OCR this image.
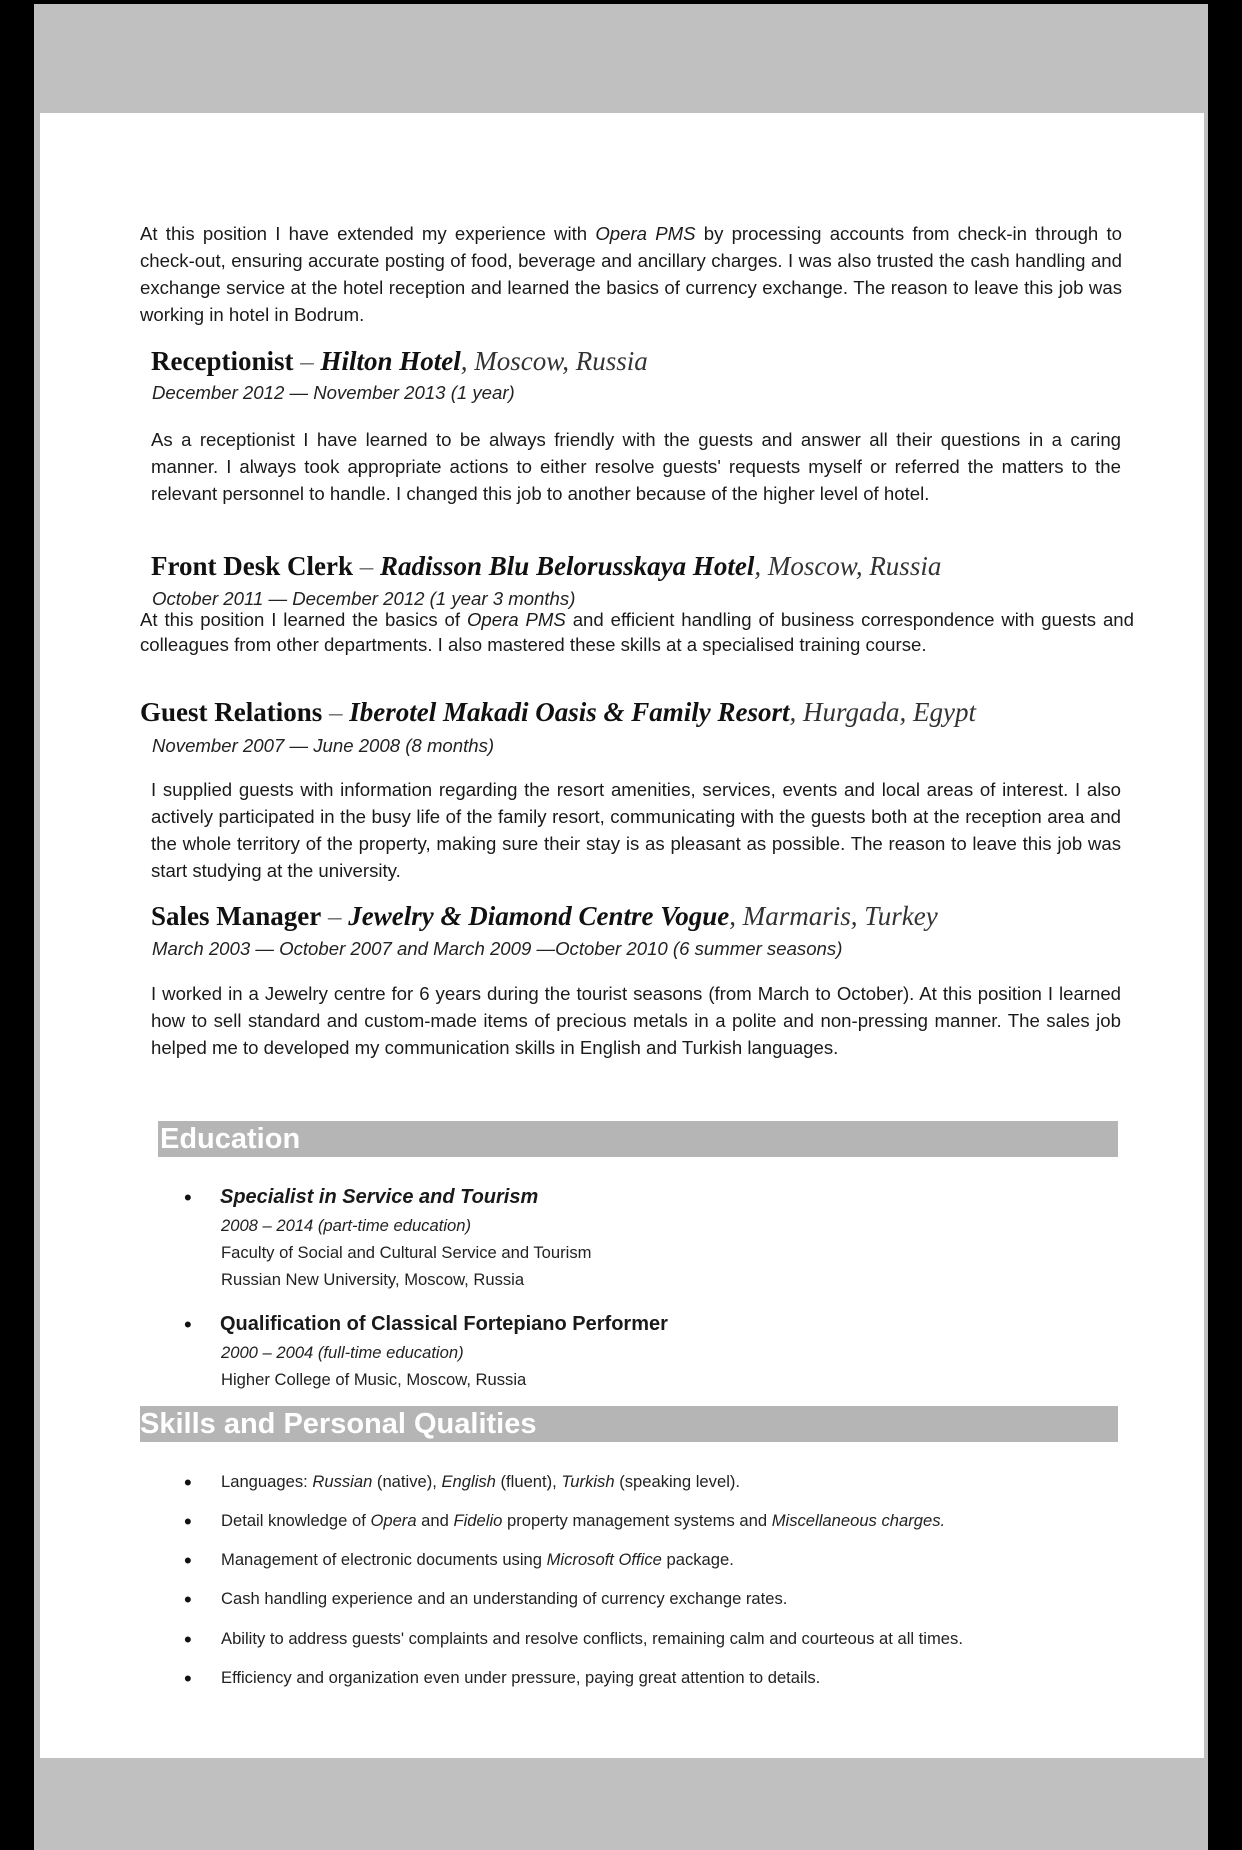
At this position I have extended my experience with Opera PMS by processing accounts from check-in through to check-out, ensuring accurate posting of food, beverage and ancillary charges. I was also trusted the cash handling and exchange service at the hotel reception and learned the basics of currency exchange. The reason to leave this job was working in hotel in Bodrum.

Receptionist – Hilton Hotel, Moscow, Russia
December 2012 — November 2013 (1 year)

As a receptionist I have learned to be always friendly with the guests and answer all their questions in a caring manner. I always took appropriate actions to either resolve guests' requests myself or referred the matters to the relevant personnel to handle. I changed this job to another because of the higher level of hotel.

Front Desk Clerk – Radisson Blu Belorusskaya Hotel, Moscow, Russia
October 2011 — December 2012 (1 year 3 months)

At this position I learned the basics of Opera PMS and efficient handling of business correspondence with guests and colleagues from other departments. I also mastered these skills at a specialised training course.

Guest Relations – Iberotel Makadi Oasis & Family Resort, Hurgada, Egypt
November 2007 — June 2008 (8 months)

I supplied guests with information regarding the resort amenities, services, events and local areas of interest. I also actively participated in the busy life of the family resort, communicating with the guests both at the reception area and the whole territory of the property, making sure their stay is as pleasant as possible. The reason to leave this job was start studying at the university.

Sales Manager – Jewelry & Diamond Centre Vogue, Marmaris, Turkey
March 2003 — October 2007 and March 2009 —October 2010 (6 summer seasons)

I worked in a Jewelry centre for 6 years during the tourist seasons (from March to October). At this position I learned how to sell standard and custom-made items of precious metals in a polite and non-pressing manner. The sales job helped me to developed my communication skills in English and Turkish languages.

Education
• Specialist in Service and Tourism
2008 – 2014 (part-time education)
Faculty of Social and Cultural Service and Tourism
Russian New University, Moscow, Russia
• Qualification of Classical Fortepiano Performer
2000 – 2004 (full-time education)
Higher College of Music, Moscow, Russia
Skills and Personal Qualities
• Languages: Russian (native), English (fluent), Turkish (speaking level).
• Detail knowledge of Opera and Fidelio property management systems and Miscellaneous charges.
• Management of electronic documents using Microsoft Office package.
• Cash handling experience and an understanding of currency exchange rates.
• Ability to address guests' complaints and resolve conflicts, remaining calm and courteous at all times.
• Efficiency and organization even under pressure, paying great attention to details.
